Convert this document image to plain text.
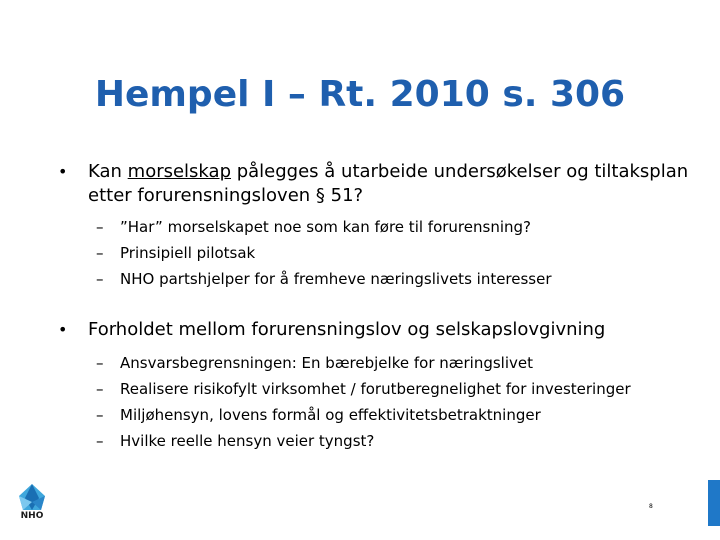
Hempel I – Rt. 2010 s. 306
• Kan morselskap pålegges å utarbeide undersøkelser og tiltaksplan etter forurensningsloven § 51?
– ”Har” morselskapet noe som kan føre til forurensning?
– Prinsipiell pilotsak
– NHO partshjelper for å fremheve næringslivets interesser
• Forholdet mellom forurensningslov og selskapslovgivning
– Ansvarsbegrensningen: En bærebjelke for næringslivet
– Realisere risikofylt virksomhet / forutberegnelighet for investeringer
– Miljøhensyn, lovens formål og effektivitetsbetraktninger
– Hvilke reelle hensyn veier tyngst?
NHO
8
